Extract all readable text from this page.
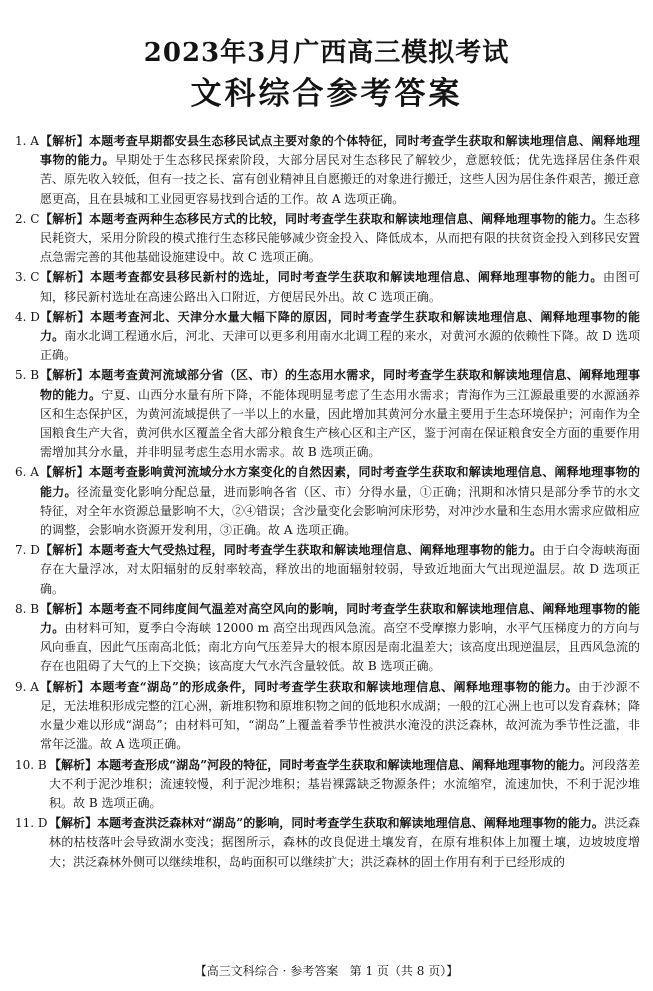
2023年3月广西高三模拟考试
文科综合参考答案
1. A 【解析】本题考查早期都安县生态移民试点主要对象的个体特征，同时考查学生获取和解读地理信息、阐释地理事物的能力。早期处于生态移民探索阶段，大部分居民对生态移民了解较少，意愿较低；优先选择居住条件艰苦、原先收入较低，但有一技之长、富有创业精神且自愿搬迁的对象进行搬迁，这些人因为居住条件艰苦，搬迁意愿更高，且在县城和工业园更容易找到合适的工作。故 A 选项正确。
2. C 【解析】本题考查两种生态移民方式的比较，同时考查学生获取和解读地理信息、阐释地理事物的能力。生态移民耗资大，采用分阶段的模式推行生态移民能够减少资金投入、降低成本，从而把有限的扶贫资金投入到移民安置点急需完善的其他基础设施建设中。故 C 选项正确。
3. C 【解析】本题考查都安县移民新村的选址，同时考查学生获取和解读地理信息、阐释地理事物的能力。由图可知，移民新村选址在高速公路出入口附近，方便居民外出。故 C 选项正确。
4. D 【解析】本题考查河北、天津分水量大幅下降的原因，同时考查学生获取和解读地理信息、阐释地理事物的能力。南水北调工程通水后，河北、天津可以更多利用南水北调工程的来水，对黄河水源的依赖性下降。故 D 选项正确。
5. B 【解析】本题考查黄河流域部分省（区、市）的生态用水需求，同时考查学生获取和解读地理信息、阐释地理事物的能力。宁夏、山西分水量有所下降，不能体现明显考虑了生态用水需求；青海作为三江源最重要的水源涵养区和生态保护区，为黄河流域提供了一半以上的水量，因此增加其黄河分水量主要用于生态环境保护；河南作为全国粮食生产大省，黄河供水区覆盖全省大部分粮食生产核心区和主产区，鉴于河南在保证粮食安全方面的重要作用需增加其分水量，并非明显考虑生态用水需求。故 B 选项正确。
6. A 【解析】本题考查影响黄河流域分水方案变化的自然因素，同时考查学生获取和解读地理信息、阐释地理事物的能力。径流量变化影响分配总量，进而影响各省（区、市）分得水量，①正确；汛期和冰情只是部分季节的水文特征，对全年水资源总量影响不大，②④错误；含沙量变化会影响河床形势，对冲沙水量和生态用水需求应做相应的调整，会影响水资源开发利用，③正确。故 A 选项正确。
7. D 【解析】本题考查大气受热过程，同时考查学生获取和解读地理信息、阐释地理事物的能力。由于白令海峡海面存在大量浮冰，对太阳辐射的反射率较高，释放出的地面辐射较弱，导致近地面大气出现逆温层。故 D 选项正确。
8. B 【解析】本题考查不同纬度间气温差对高空风向的影响，同时考查学生获取和解读地理信息、阐释地理事物的能力。由材料可知，夏季白令海峡 12000 m 高空出现西风急流。高空不受摩擦力影响，水平气压梯度力的方向与风向垂直，因此气压南高北低；南北方向气压差异大的根本原因是南北温差大；该高度出现逆温层，且西风急流的存在也阻碍了大气的上下交换；该高度大气水汽含量较低。故 B 选项正确。
9. A 【解析】本题考查“湖岛”的形成条件，同时考查学生获取和解读地理信息、阐释地理事物的能力。由于沙源不足，无法堆积形成完整的江心洲，新堆积物和原堆积物之间的低地积水成湖；一般的江心洲上也可以发育森林；降水量少难以形成“湖岛”；由材料可知，“湖岛”上覆盖着季节性被洪水淹没的洪泛森林，故河流为季节性泛滥，非常年泛滥。故 A 选项正确。
10. B 【解析】本题考查形成“湖岛”河段的特征，同时考查学生获取和解读地理信息、阐释地理事物的能力。河段落差大不利于泥沙堆积；流速较慢，利于泥沙堆积；基岩裸露缺乏物源条件；水流缩窄，流速加快，不利于泥沙堆积。故 B 选项正确。
11. D 【解析】本题考查洪泛森林对“湖岛”的影响，同时考查学生获取和解读地理信息、阐释地理事物的能力。洪泛森林的枯枝落叶会导致湖水变浅；据图所示，森林的改良促进土壤发育，在原有堆积体上加覆土壤，边坡坡度增大；洪泛森林外侧可以继续堆积，岛屿面积可以继续扩大；洪泛森林的固土作用有利于已经形成的
【高三文科综合 · 参考答案   第 1 页（共 8 页）】
